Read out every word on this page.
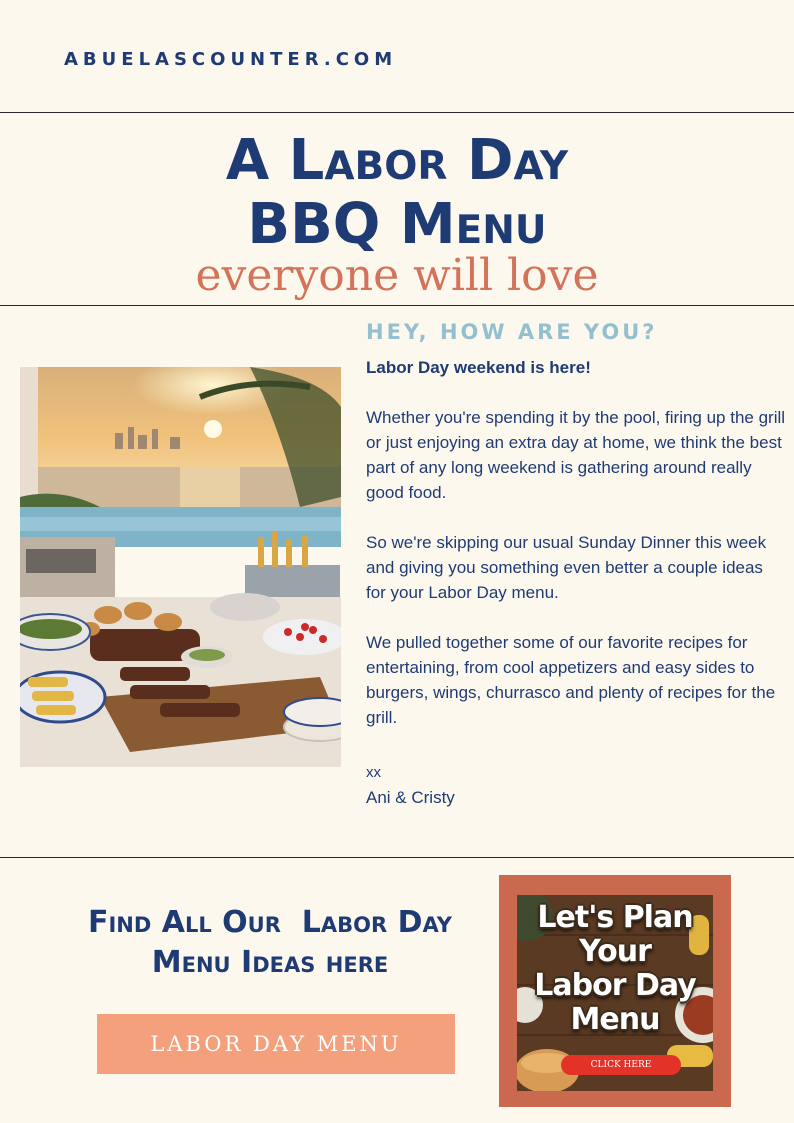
ABUELASCOUNTER.COM
A Labor Day
BBQ Menu
everyone will love
HEY, HOW ARE YOU?
Labor Day weekend is here!

Whether you're spending it by the pool, firing up the grill or just enjoying an extra day at home, we think the best part of any long weekend is gathering around really good food.

So we're skipping our usual Sunday Dinner this week and giving you something even better a couple ideas for your Labor Day menu.

We pulled together some of our favorite recipes for entertaining, from cool appetizers and easy sides to burgers, wings, churrasco and plenty of recipes for the grill.

xx

Ani & Cristy

Find All Our  Labor Day
Menu Ideas here
LABOR DAY MENU
Let's Plan
Your
Labor Day
Menu
CLICK HERE
